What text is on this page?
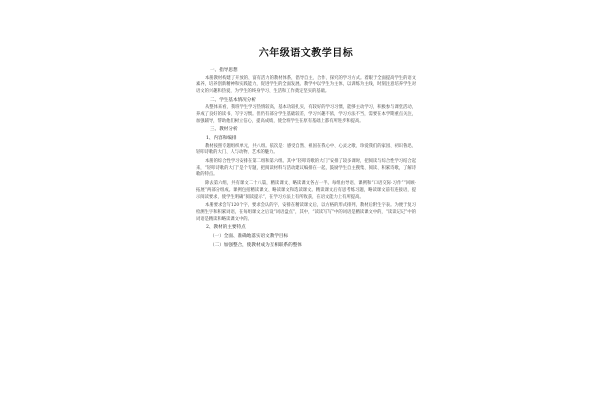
六年级语文教学目标
一、指导思想
本册教材构建了开放的、富有活力的教材体系，倡导自主、合作、探究的学习方式。着眼于全面提高学生的语文素养，培养创新精神和实践能力，促进学生的全面发展。教学中以学生为主体，以训练为主线，时刻注意培养学生对语文的兴趣和热爱，为学生的终身学习、生活和工作奠定坚实的基础。
二、学生基本情况分析
从整体来看，我班学生学习热情较高，基本功较扎实，有较好的学习习惯，能够主动学习，积极参与课堂活动，养成了良好的读书、写字习惯。但仍有部分学生基础较差，学习兴趣不浓，学习方法不当，需要在本学期重点关注，加强辅导，帮助他们树立信心，提高成绩，使全班学生在原有基础上都有所进步和提高。
三、教材分析
1、内容和编排
教材按照专题组织单元，共八组。依次是：感受自然、祖国在我心中、心灵之歌、珍爱我们的家园、初识鲁迅、轻叩诗歌的大门、人与动物、艺术的魅力。
本册的综合性学习安排在第二组和第六组。其中“轻叩诗歌的大门”安排了较多课时，把阅读与综合性学习结合起来，“轻叩诗歌的大门”是个专题，把阅读材料与活动建议编排在一起，鼓励学生自主搜集、阅读、积累诗歌，了解诗歌的特点。
除去第六组，共有课文二十八篇，精读课文、略读课文各占一半。每组由导语、课例和“口语交际·习作”“回顾·拓展”两部分组成。课例包括精读课文、略读课文和选读课文。精读课文后有思考练习题，略读课文前有连接语，提示阅读要求，使学生明确“阅读提示”，在学习方法上有所收获，在语文能力上有所提高。
本册要求会写120个字，要求会认的字，安排在精读课文后，以方格的形式排列，教材后附生字表。为便于复习检测生字和积累词语，在每组课文之后设“词语盘点”，其中，“读读写写”中的词语是精读课文中的，“读读记记”中的词语是精读和略读课文中的。
2、教材的主要特点
（一）全面、准确地落实语文教学目标
（二）加强整合，使教材成为互相联系的整体
